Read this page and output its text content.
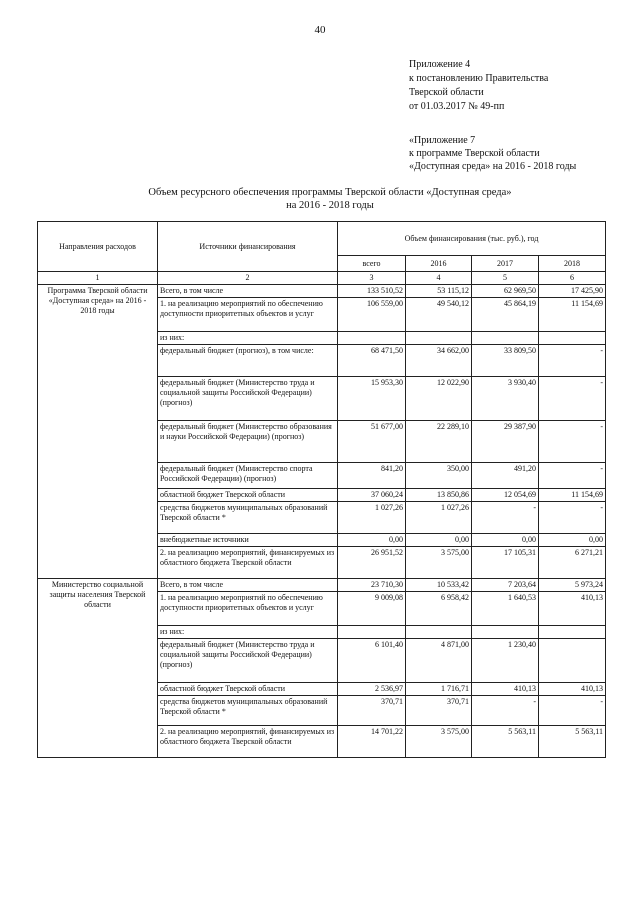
40
Приложение 4
к постановлению Правительства
Тверской области
от 01.03.2017 № 49-пп
«Приложение 7
к программе Тверской области
«Доступная среда» на 2016 - 2018 годы
Объем ресурсного обеспечения программы Тверской области «Доступная среда»
на 2016 - 2018 годы
Направления расходов	Источники финансирования	Объем финансирования (тыс. руб.), год			
		всего	2016	2017	2018
1	2	3	4	5	6
Программа Тверской области «Доступная среда» на 2016 - 2018 годы	Всего, в том числе	133 510,52	53 115,12	62 969,50	17 425,90
	1. на реализацию мероприятий по обеспечению доступности приоритетных объектов и услуг	106 559,00	49 540,12	45 864,19	11 154,69
	из них:				
	федеральный бюджет (прогноз), в том числе:	68 471,50	34 662,00	33 809,50	-
	федеральный бюджет (Министерство труда и социальной защиты Российской Федерации) (прогноз)	15 953,30	12 022,90	3 930,40	-
	федеральный бюджет (Министерство образования и науки Российской Федерации) (прогноз)	51 677,00	22 289,10	29 387,90	-
	федеральный бюджет (Министерство спорта Российской Федерации) (прогноз)	841,20	350,00	491,20	-
	областной бюджет Тверской области	37 060,24	13 850,86	12 054,69	11 154,69
	средства бюджетов муниципальных образований Тверской области *	1 027,26	1 027,26	-	-
	внебюджетные источники	0,00	0,00	0,00	0,00
	2. на реализацию мероприятий, финансируемых из областного бюджета Тверской области	26 951,52	3 575,00	17 105,31	6 271,21
Министерство социальной защиты населения Тверской области	Всего, в том числе	23 710,30	10 533,42	7 203,64	5 973,24
	1. на реализацию мероприятий по обеспечению доступности приоритетных объектов и услуг	9 009,08	6 958,42	1 640,53	410,13
	из них:				
	федеральный бюджет (Министерство труда и социальной защиты Российской Федерации) (прогноз)	6 101,40	4 871,00	1 230,40	
	областной бюджет Тверской области	2 536,97	1 716,71	410,13	410,13
	средства бюджетов муниципальных образований Тверской области *	370,71	370,71	-	-
	2. на реализацию мероприятий, финансируемых из областного бюджета Тверской области	14 701,22	3 575,00	5 563,11	5 563,11
